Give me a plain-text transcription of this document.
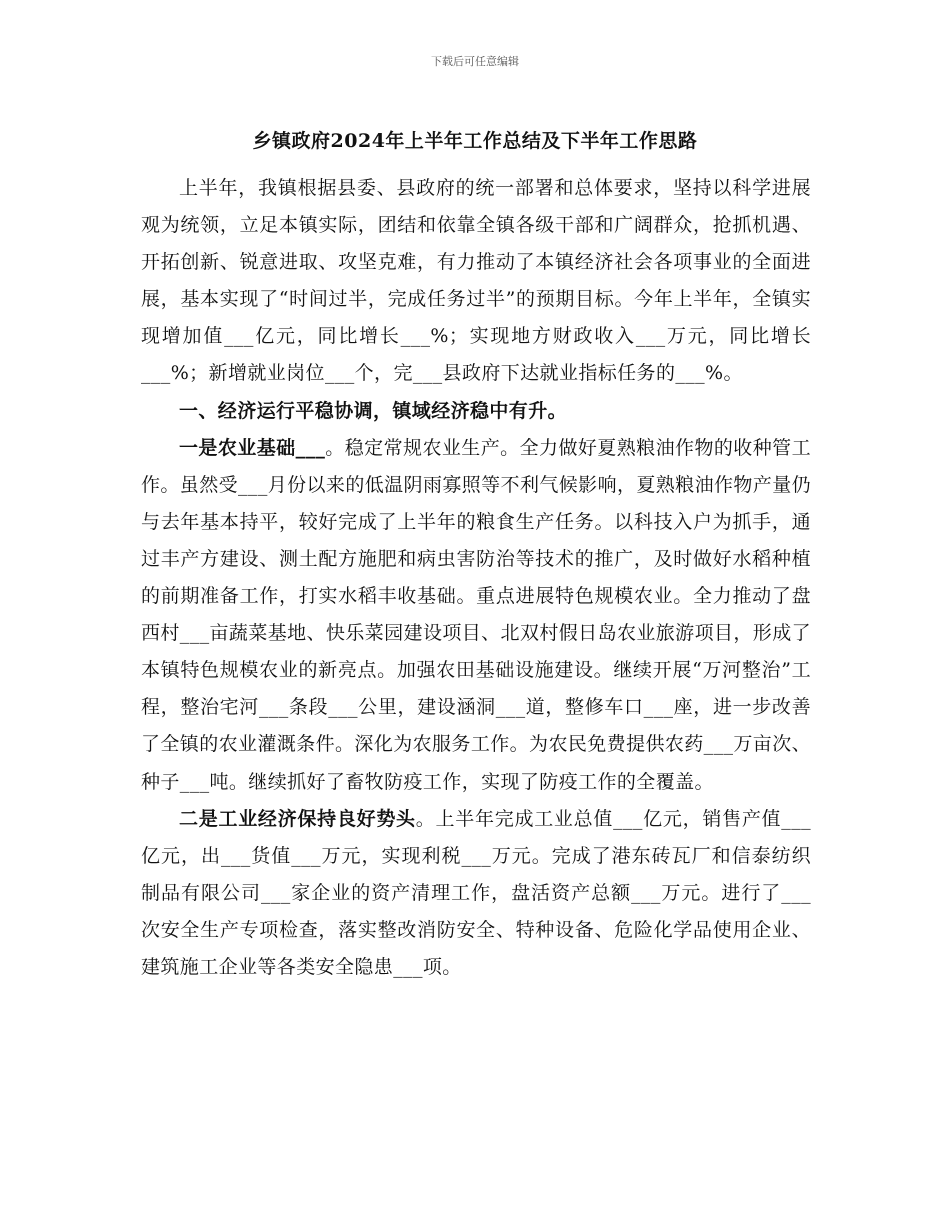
下载后可任意编辑
乡镇政府2024年上半年工作总结及下半年工作思路

上半年，我镇根据县委、县政府的统一部署和总体要求，坚持以科学进展观为统领，立足本镇实际，团结和依靠全镇各级干部和广阔群众，抢抓机遇、开拓创新、锐意进取、攻坚克难，有力推动了本镇经济社会各项事业的全面进展，基本实现了“时间过半，完成任务过半”的预期目标。今年上半年，全镇实现增加值___亿元，同比增长___%；实现地方财政收入___万元，同比增长___%；新增就业岗位___个，完___县政府下达就业指标任务的___%。

一、经济运行平稳协调，镇域经济稳中有升。

一是农业基础___。稳定常规农业生产。全力做好夏熟粮油作物的收种管工作。虽然受___月份以来的低温阴雨寡照等不利气候影响，夏熟粮油作物产量仍与去年基本持平，较好完成了上半年的粮食生产任务。以科技入户为抓手，通过丰产方建设、测土配方施肥和病虫害防治等技术的推广，及时做好水稻种植的前期准备工作，打实水稻丰收基础。重点进展特色规模农业。全力推动了盘西村___亩蔬菜基地、快乐菜园建设项目、北双村假日岛农业旅游项目，形成了本镇特色规模农业的新亮点。加强农田基础设施建设。继续开展“万河整治”工程，整治宅河___条段___公里，建设涵洞___道，整修车口___座，进一步改善了全镇的农业灌溉条件。深化为农服务工作。为农民免费提供农药___万亩次、种子___吨。继续抓好了畜牧防疫工作，实现了防疫工作的全覆盖。

二是工业经济保持良好势头。上半年完成工业总值___亿元，销售产值___亿元，出___货值___万元，实现利税___万元。完成了港东砖瓦厂和信泰纺织制品有限公司___家企业的资产清理工作，盘活资产总额___万元。进行了___次安全生产专项检查，落实整改消防安全、特种设备、危险化学品使用企业、建筑施工企业等各类安全隐患___项。
